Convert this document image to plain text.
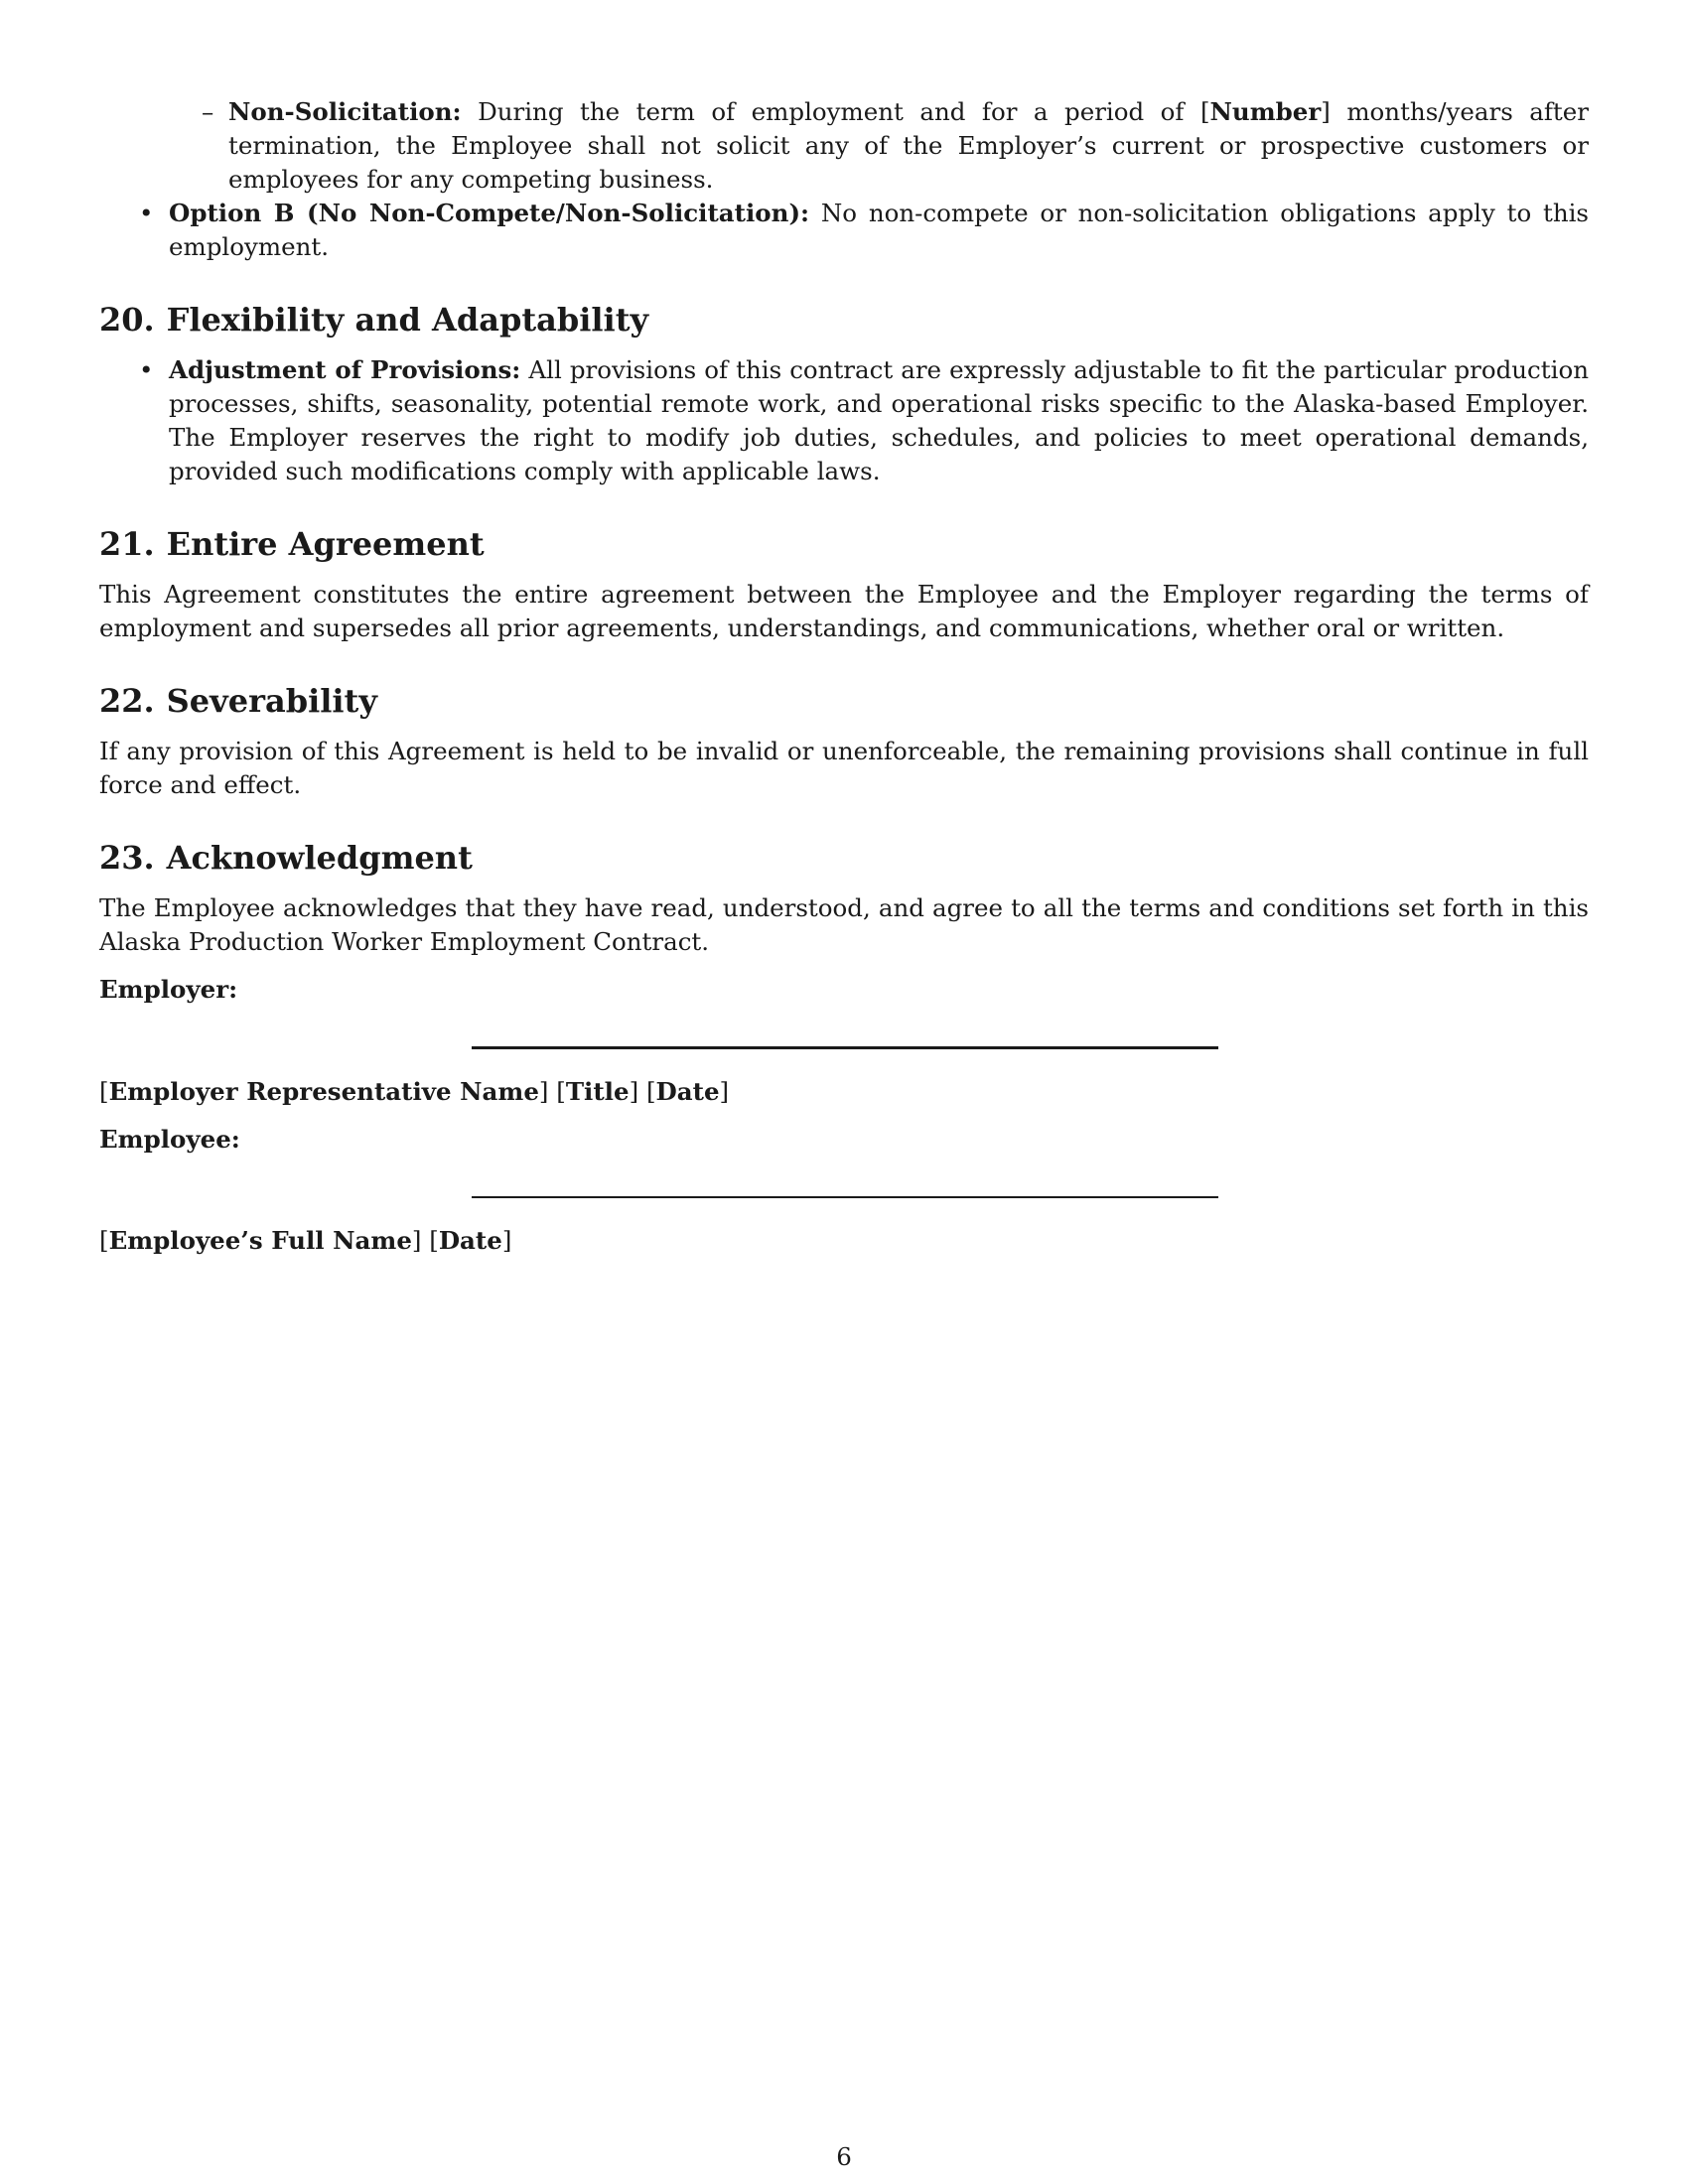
– Non-Solicitation: During the term of employment and for a period of [Number] months/years after termination, the Employee shall not solicit any of the Employer’s current or prospective customers or employees for any competing business.
• Option B (No Non-Compete/Non-Solicitation): No non-compete or non-solicitation obligations apply to this employment.
20. Flexibility and Adaptability
• Adjustment of Provisions: All provisions of this contract are expressly adjustable to fit the particular production processes, shifts, seasonality, potential remote work, and operational risks specific to the Alaska-based Employer. The Employer reserves the right to modify job duties, schedules, and policies to meet operational demands, provided such modifications comply with applicable laws.
21. Entire Agreement

This Agreement constitutes the entire agreement between the Employee and the Employer regarding the terms of employment and supersedes all prior agreements, understandings, and communications, whether oral or written.

22. Severability

If any provision of this Agreement is held to be invalid or unenforceable, the remaining provisions shall continue in full force and effect.

23. Acknowledgment

The Employee acknowledges that they have read, understood, and agree to all the terms and conditions set forth in this Alaska Production Worker Employment Contract.

Employer:
[Employer Representative Name] [Title] [Date]
Employee:
[Employee’s Full Name] [Date]
6
